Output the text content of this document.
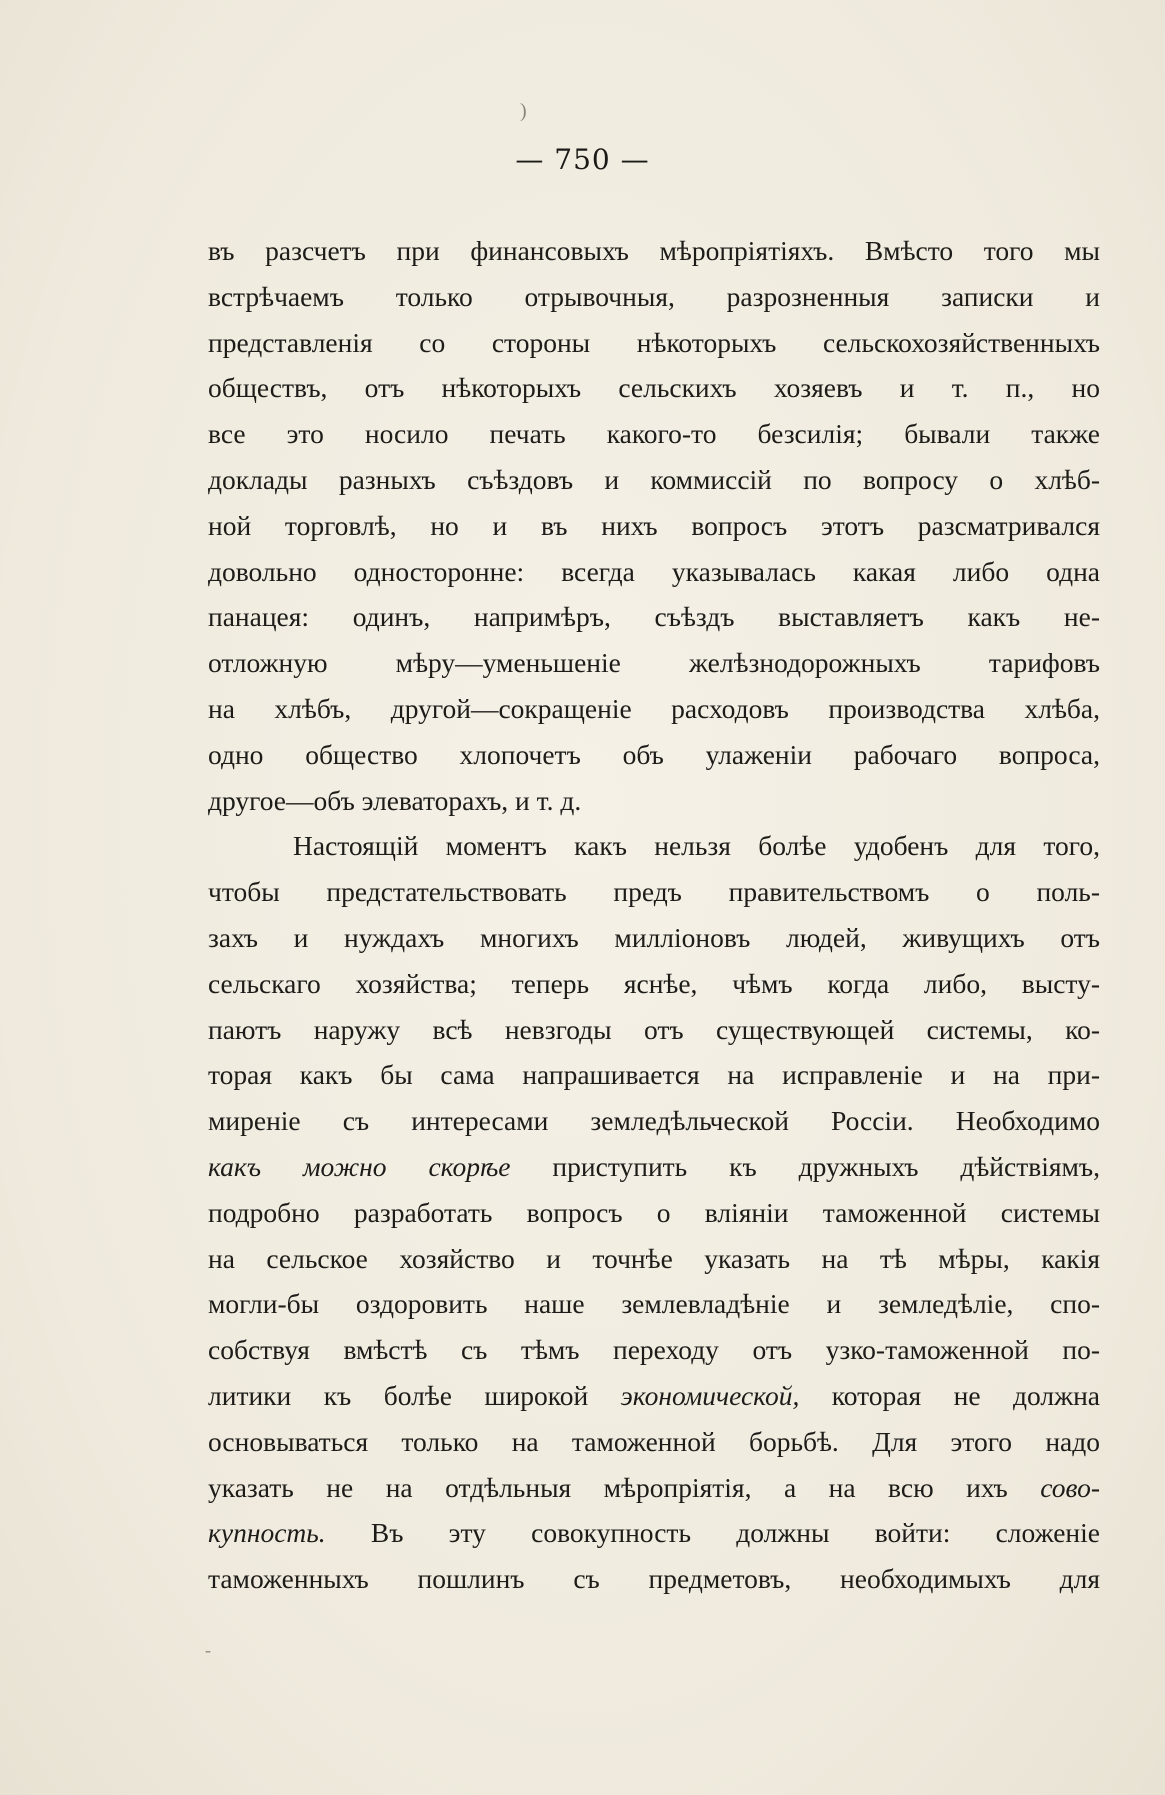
)
— 750 —
въ разсчетъ при финансовыхъ мѣропріятіяхъ. Вмѣсто того мы
встрѣчаемъ только отрывочныя, разрозненныя записки и
представленія со стороны нѣкоторыхъ сельскохозяйственныхъ
обществъ, отъ нѣкоторыхъ сельскихъ хозяевъ и т. п., но
все это носило печать какого-то безсилія; бывали также
доклады разныхъ съѣздовъ и коммиссій по вопросу о хлѣб-
ной торговлѣ, но и въ нихъ вопросъ этотъ разсматривался
довольно односторонне: всегда указывалась какая либо одна
панацея: одинъ, напримѣръ, съѣздъ выставляетъ какъ не-
отложную мѣру—уменьшеніе желѣзнодорожныхъ тарифовъ
на хлѣбъ, другой—сокращеніе расходовъ производства хлѣба,
одно общество хлопочетъ объ улаженіи рабочаго вопроса,
другое—объ элеваторахъ, и т. д.
Настоящій моментъ какъ нельзя болѣе удобенъ для того,
чтобы предстательствовать предъ правительствомъ о поль-
захъ и нуждахъ многихъ милліоновъ людей, живущихъ отъ
сельскаго хозяйства; теперь яснѣе, чѣмъ когда либо, высту-
паютъ наружу всѣ невзгоды отъ существующей системы, ко-
торая какъ бы сама напрашивается на исправленіе и на при-
миреніе съ интересами земледѣльческой Россіи. Необходимо
какъ можно скорѣе приступить къ дружныхъ дѣйствіямъ,
подробно разработать вопросъ о вліяніи таможенной системы
на сельское хозяйство и точнѣе указать на тѣ мѣры, какія
могли-бы оздоровить наше землевладѣніе и земледѣліе, спо-
собствуя вмѣстѣ съ тѣмъ переходу отъ узко-таможенной по-
литики къ болѣе широкой экономической, которая не должна
основываться только на таможенной борьбѣ. Для этого надо
указать не на отдѣльныя мѣропріятія, а на всю ихъ сово-
купность. Въ эту совокупность должны войти: сложеніе
таможенныхъ пошлинъ съ предметовъ, необходимыхъ для
-
